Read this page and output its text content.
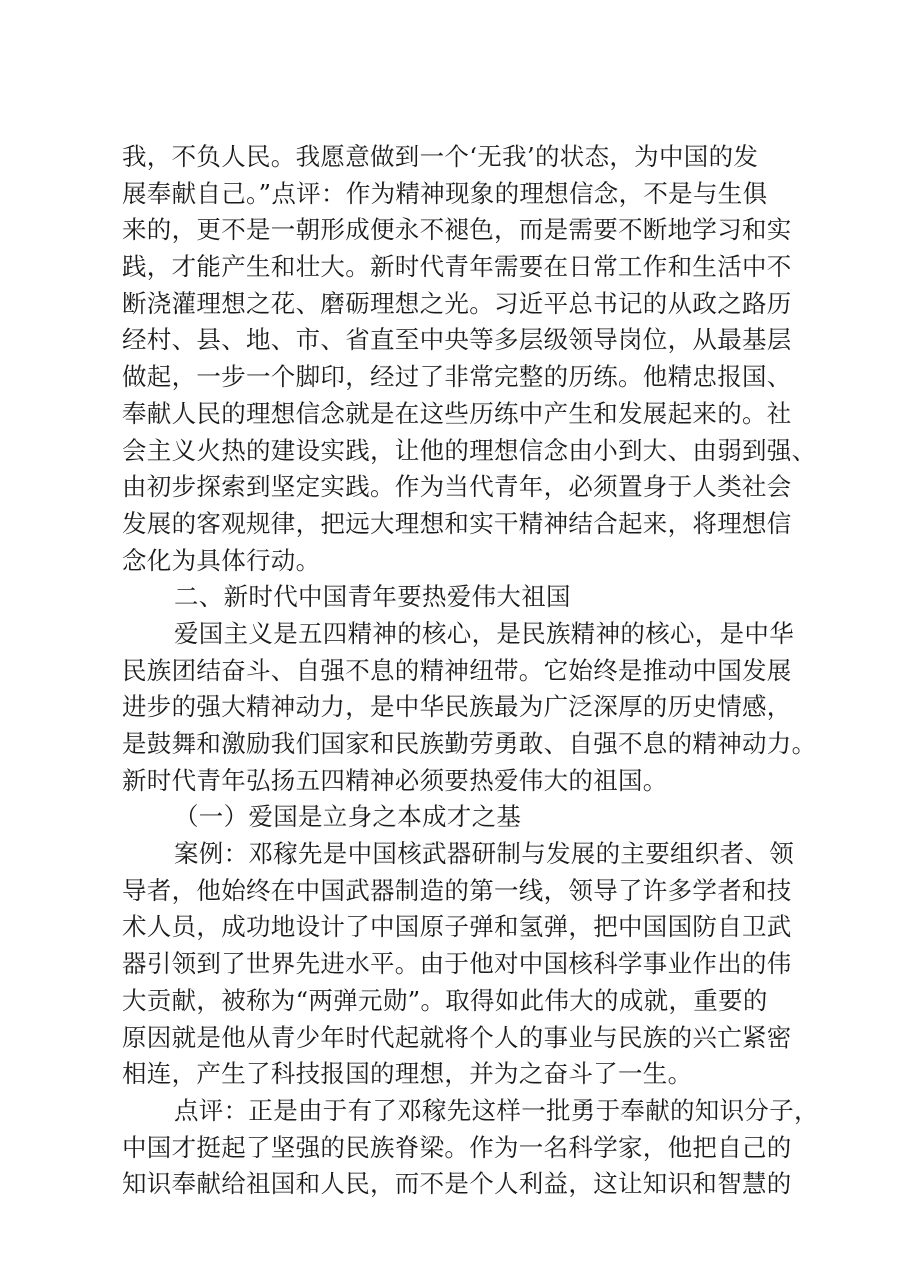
我，不负人民。我愿意做到一个‘无我’的状态，为中国的发
展奉献自己。”点评：作为精神现象的理想信念，不是与生俱
来的，更不是一朝形成便永不褪色，而是需要不断地学习和实
践，才能产生和壮大。新时代青年需要在日常工作和生活中不
断浇灌理想之花、磨砺理想之光。习近平总书记的从政之路历
经村、县、地、市、省直至中央等多层级领导岗位，从最基层
做起，一步一个脚印，经过了非常完整的历练。他精忠报国、
奉献人民的理想信念就是在这些历练中产生和发展起来的。社
会主义火热的建设实践，让他的理想信念由小到大、由弱到强、
由初步探索到坚定实践。作为当代青年，必须置身于人类社会
发展的客观规律，把远大理想和实干精神结合起来，将理想信
念化为具体行动。
二、新时代中国青年要热爱伟大祖国
爱国主义是五四精神的核心，是民族精神的核心，是中华
民族团结奋斗、自强不息的精神纽带。它始终是推动中国发展
进步的强大精神动力，是中华民族最为广泛深厚的历史情感，
是鼓舞和激励我们国家和民族勤劳勇敢、自强不息的精神动力。
新时代青年弘扬五四精神必须要热爱伟大的祖国。
（一）爱国是立身之本成才之基
案例：邓稼先是中国核武器研制与发展的主要组织者、领
导者，他始终在中国武器制造的第一线，领导了许多学者和技
术人员，成功地设计了中国原子弹和氢弹，把中国国防自卫武
器引领到了世界先进水平。由于他对中国核科学事业作出的伟
大贡献，被称为“两弹元勋”。取得如此伟大的成就，重要的
原因就是他从青少年时代起就将个人的事业与民族的兴亡紧密
相连，产生了科技报国的理想，并为之奋斗了一生。
点评：正是由于有了邓稼先这样一批勇于奉献的知识分子，
中国才挺起了坚强的民族脊梁。作为一名科学家，他把自己的
知识奉献给祖国和人民，而不是个人利益，这让知识和智慧的
